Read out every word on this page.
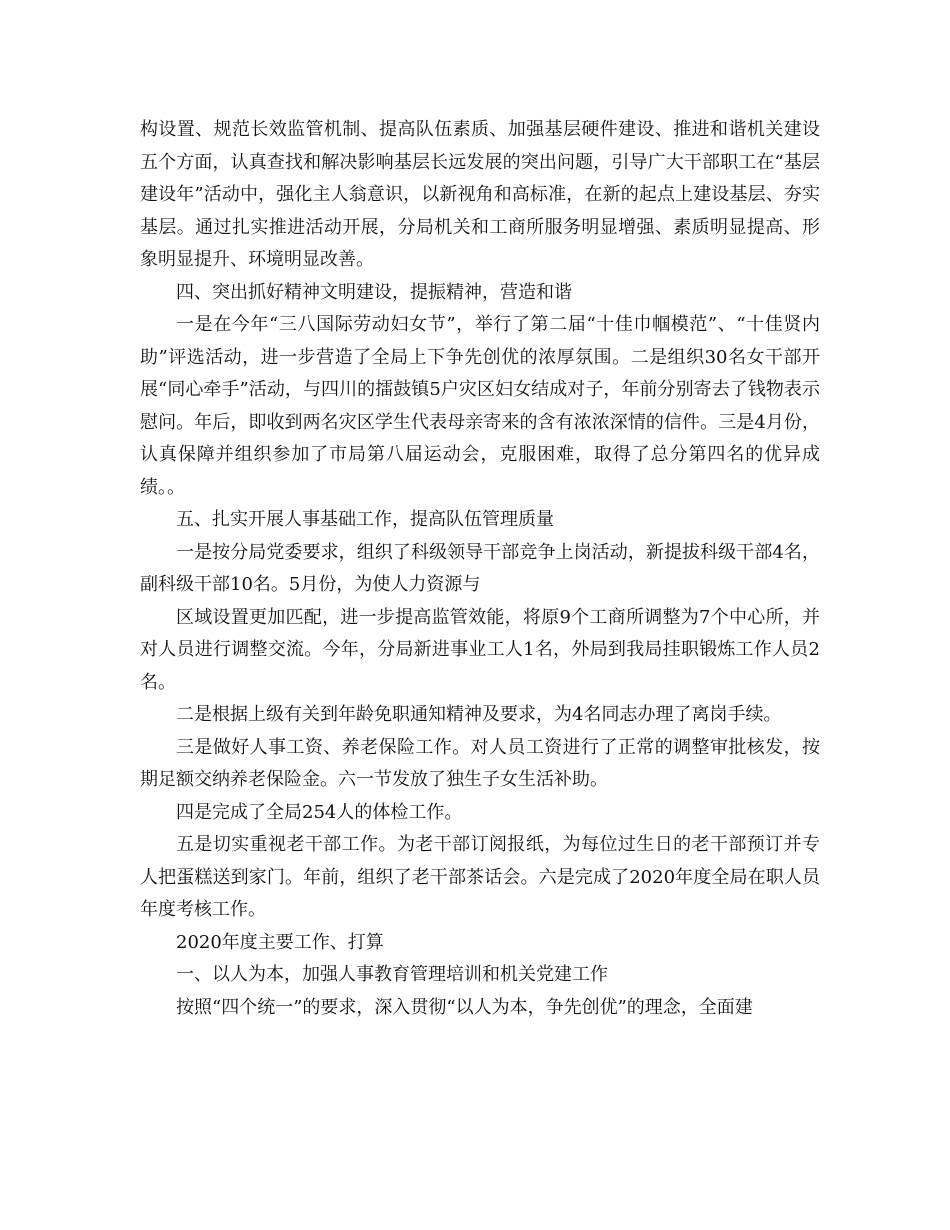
构设置、规范长效监管机制、提高队伍素质、加强基层硬件建设、推进和谐机关建设五个方面，认真查找和解决影响基层长远发展的突出问题，引导广大干部职工在“基层建设年”活动中，强化主人翁意识，以新视角和高标准，在新的起点上建设基层、夯实基层。通过扎实推进活动开展，分局机关和工商所服务明显增强、素质明显提高、形象明显提升、环境明显改善。

四、突出抓好精神文明建设，提振精神，营造和谐

一是在今年“三八国际劳动妇女节”，举行了第二届“十佳巾帼模范”、“十佳贤内助”评选活动，进一步营造了全局上下争先创优的浓厚氛围。二是组织30名女干部开展“同心牵手”活动，与四川的擂鼓镇5户灾区妇女结成对子，年前分别寄去了钱物表示慰问。年后，即收到两名灾区学生代表母亲寄来的含有浓浓深情的信件。三是4月份，认真保障并组织参加了市局第八届运动会，克服困难，取得了总分第四名的优异成绩。。

五、扎实开展人事基础工作，提高队伍管理质量

一是按分局党委要求，组织了科级领导干部竞争上岗活动，新提拔科级干部4名，副科级干部10名。5月份，为使人力资源与

区域设置更加匹配，进一步提高监管效能，将原9个工商所调整为7个中心所，并对人员进行调整交流。今年，分局新进事业工人1名，外局到我局挂职锻炼工作人员2名。

二是根据上级有关到年龄免职通知精神及要求，为4名同志办理了离岗手续。

三是做好人事工资、养老保险工作。对人员工资进行了正常的调整审批核发，按期足额交纳养老保险金。六一节发放了独生子女生活补助。

四是完成了全局254人的体检工作。

五是切实重视老干部工作。为老干部订阅报纸，为每位过生日的老干部预订并专人把蛋糕送到家门。年前，组织了老干部茶话会。六是完成了2020年度全局在职人员年度考核工作。

2020年度主要工作、打算

一、以人为本，加强人事教育管理培训和机关党建工作

按照“四个统一”的要求，深入贯彻“以人为本，争先创优”的理念，全面建
